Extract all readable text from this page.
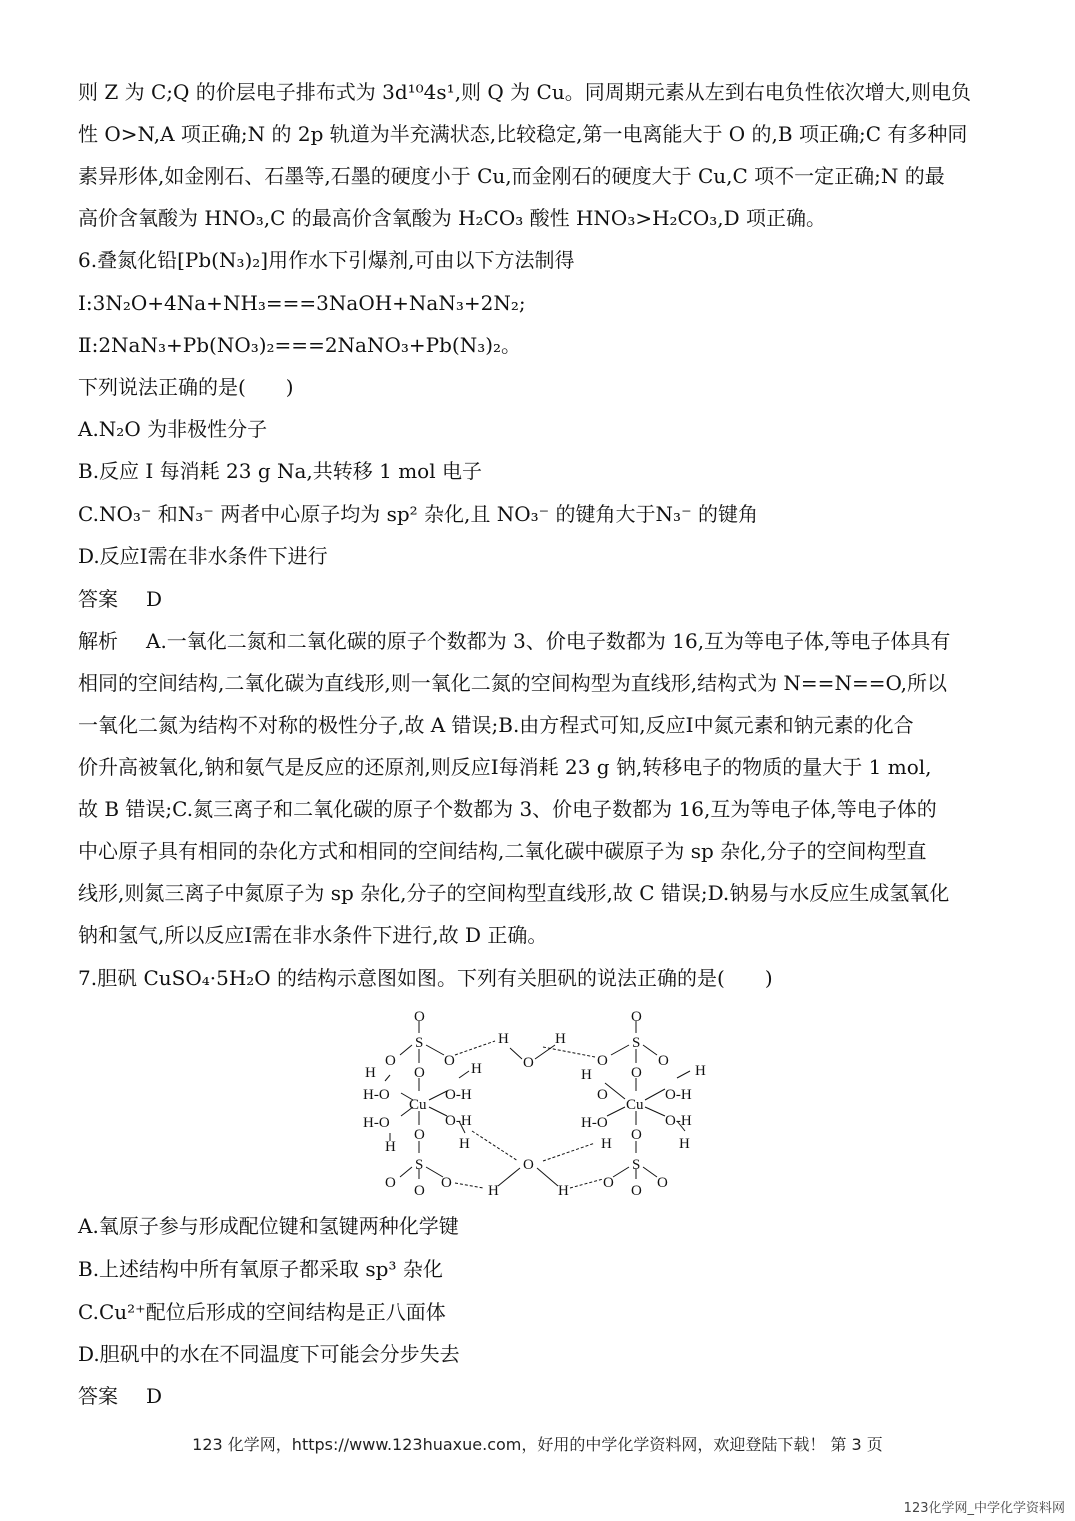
则 Z 为 C;Q 的价层电子排布式为 3d¹⁰4s¹,则 Q 为 Cu。同周期元素从左到右电负性依次增大,则电负
性 O>N,A 项正确;N 的 2p 轨道为半充满状态,比较稳定,第一电离能大于 O 的,B 项正确;C 有多种同
素异形体,如金刚石、石墨等,石墨的硬度小于 Cu,而金刚石的硬度大于 Cu,C 项不一定正确;N 的最
高价含氧酸为 HNO₃,C 的最高价含氧酸为 H₂CO₃ 酸性 HNO₃>H₂CO₃,D 项正确。
6.叠氮化铅[Pb(N₃)₂]用作水下引爆剂,可由以下方法制得
Ⅰ:3N₂O+4Na+NH₃===3NaOH+NaN₃+2N₂;
Ⅱ:2NaN₃+Pb(NO₃)₂===2NaNO₃+Pb(N₃)₂。
下列说法正确的是(　　)
A.N₂O 为非极性分子
B.反应 I 每消耗 23 g Na,共转移 1 mol 电子
C.NO₃⁻ 和N₃⁻ 两者中心原子均为 sp² 杂化,且 NO₃⁻ 的键角大于N₃⁻ 的键角
D.反应Ⅰ需在非水条件下进行
答案 D
解析 A.一氧化二氮和二氧化碳的原子个数都为 3、价电子数都为 16,互为等电子体,等电子体具有
相同的空间结构,二氧化碳为直线形,则一氧化二氮的空间构型为直线形,结构式为 N==N==O,所以
一氧化二氮为结构不对称的极性分子,故 A 错误;B.由方程式可知,反应Ⅰ中氮元素和钠元素的化合
价升高被氧化,钠和氨气是反应的还原剂,则反应Ⅰ每消耗 23 g 钠,转移电子的物质的量大于 1 mol,
故 B 错误;C.氮三离子和二氧化碳的原子个数都为 3、价电子数都为 16,互为等电子体,等电子体的
中心原子具有相同的杂化方式和相同的空间结构,二氧化碳中碳原子为 sp 杂化,分子的空间构型直
线形,则氮三离子中氮原子为 sp 杂化,分子的空间构型直线形,故 C 错误;D.钠易与水反应生成氢氧化
钠和氢气,所以反应Ⅰ需在非水条件下进行,故 D 正确。
7.胆矾 CuSO₄·5H₂O 的结构示意图如图。下列有关胆矾的说法正确的是(　　)
O
S
O	O
O
H
H-O
Cu
O-H
H
H-O	O-H
H	H
O
S
O	O
O
H
O
H
O
H	H
O
S
O	O
O
H
O
Cu
O-H
H
H-O	O-H
H	H
O
S
O	O
O
A.氧原子参与形成配位键和氢键两种化学键
B.上述结构中所有氧原子都采取 sp³ 杂化
C.Cu²⁺配位后形成的空间结构是正八面体
D.胆矾中的水在不同温度下可能会分步失去
答案 D
123 化学网，https://www.123huaxue.com，好用的中学化学资料网，欢迎登陆下载！ 第 3 页
123化学网_中学化学资料网
